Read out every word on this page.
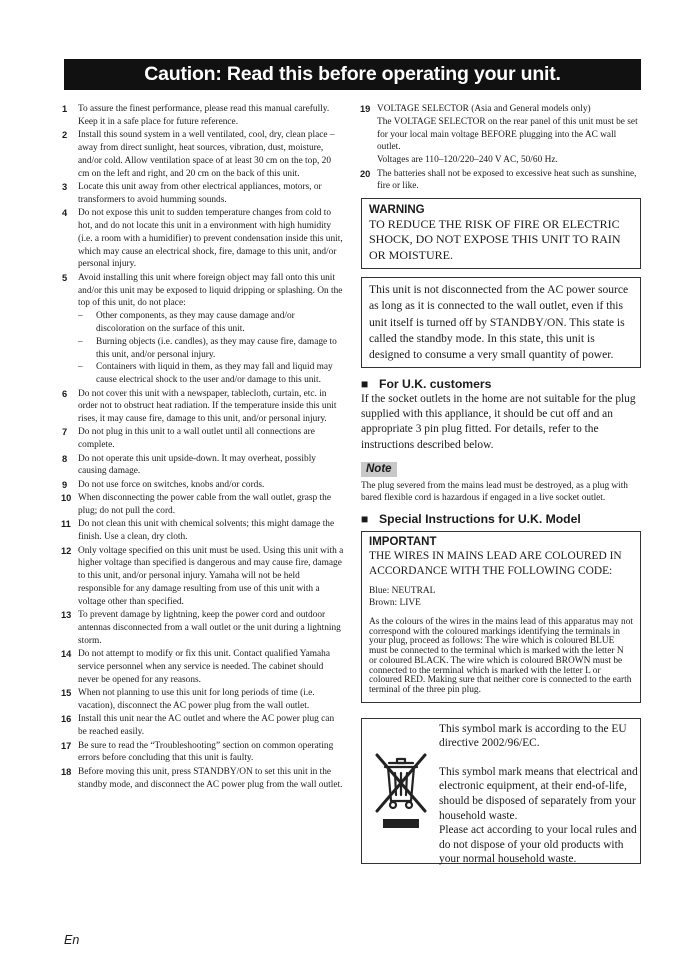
Caution: Read this before operating your unit.
1 To assure the finest performance, please read this manual carefully. Keep it in a safe place for future reference.
2 Install this sound system in a well ventilated, cool, dry, clean place – away from direct sunlight, heat sources, vibration, dust, moisture, and/or cold. Allow ventilation space of at least 30 cm on the top, 20 cm on the left and right, and 20 cm on the back of this unit.
3 Locate this unit away from other electrical appliances, motors, or transformers to avoid humming sounds.
4 Do not expose this unit to sudden temperature changes from cold to hot, and do not locate this unit in a environment with high humidity (i.e. a room with a humidifier) to prevent condensation inside this unit, which may cause an electrical shock, fire, damage to this unit, and/or personal injury.
5 Avoid installing this unit where foreign object may fall onto this unit and/or this unit may be exposed to liquid dripping or splashing. On the top of this unit, do not place:
– Other components, as they may cause damage and/or discoloration on the surface of this unit.
– Burning objects (i.e. candles), as they may cause fire, damage to this unit, and/or personal injury.
– Containers with liquid in them, as they may fall and liquid may cause electrical shock to the user and/or damage to this unit.
6 Do not cover this unit with a newspaper, tablecloth, curtain, etc. in order not to obstruct heat radiation. If the temperature inside this unit rises, it may cause fire, damage to this unit, and/or personal injury.
7 Do not plug in this unit to a wall outlet until all connections are complete.
8 Do not operate this unit upside-down. It may overheat, possibly causing damage.
9 Do not use force on switches, knobs and/or cords.
10 When disconnecting the power cable from the wall outlet, grasp the plug; do not pull the cord.
11 Do not clean this unit with chemical solvents; this might damage the finish. Use a clean, dry cloth.
12 Only voltage specified on this unit must be used. Using this unit with a higher voltage than specified is dangerous and may cause fire, damage to this unit, and/or personal injury. Yamaha will not be held responsible for any damage resulting from use of this unit with a voltage other than specified.
13 To prevent damage by lightning, keep the power cord and outdoor antennas disconnected from a wall outlet or the unit during a lightning storm.
14 Do not attempt to modify or fix this unit. Contact qualified Yamaha service personnel when any service is needed. The cabinet should never be opened for any reasons.
15 When not planning to use this unit for long periods of time (i.e. vacation), disconnect the AC power plug from the wall outlet.
16 Install this unit near the AC outlet and where the AC power plug can be reached easily.
17 Be sure to read the “Troubleshooting” section on common operating errors before concluding that this unit is faulty.
18 Before moving this unit, press STANDBY/ON to set this unit in the standby mode, and disconnect the AC power plug from the wall outlet.
19 VOLTAGE SELECTOR (Asia and General models only)
The VOLTAGE SELECTOR on the rear panel of this unit must be set for your local main voltage BEFORE plugging into the AC wall outlet.
Voltages are 110–120/220–240 V AC, 50/60 Hz.
20 The batteries shall not be exposed to excessive heat such as sunshine, fire or like.
WARNING
TO REDUCE THE RISK OF FIRE OR ELECTRIC SHOCK, DO NOT EXPOSE THIS UNIT TO RAIN OR MOISTURE.
This unit is not disconnected from the AC power source as long as it is connected to the wall outlet, even if this unit itself is turned off by STANDBY/ON. This state is called the standby mode. In this state, this unit is designed to consume a very small quantity of power.
■ For U.K. customers
If the socket outlets in the home are not suitable for the plug supplied with this appliance, it should be cut off and an appropriate 3 pin plug fitted. For details, refer to the instructions described below.
Note
The plug severed from the mains lead must be destroyed, as a plug with bared flexible cord is hazardous if engaged in a live socket outlet.
■ Special Instructions for U.K. Model
IMPORTANT
THE WIRES IN MAINS LEAD ARE COLOURED IN ACCORDANCE WITH THE FOLLOWING CODE:
Blue: NEUTRAL
Brown: LIVE
As the colours of the wires in the mains lead of this apparatus may not correspond with the coloured markings identifying the terminals in your plug, proceed as follows: The wire which is coloured BLUE must be connected to the terminal which is marked with the letter N or coloured BLACK. The wire which is coloured BROWN must be connected to the terminal which is marked with the letter L or coloured RED. Making sure that neither core is connected to the earth terminal of the three pin plug.

This symbol mark is according to the EU directive 2002/96/EC.

This symbol mark means that electrical and electronic equipment, at their end-of-life, should be disposed of separately from your household waste.

Please act according to your local rules and do not dispose of your old products with your normal household waste.

En
